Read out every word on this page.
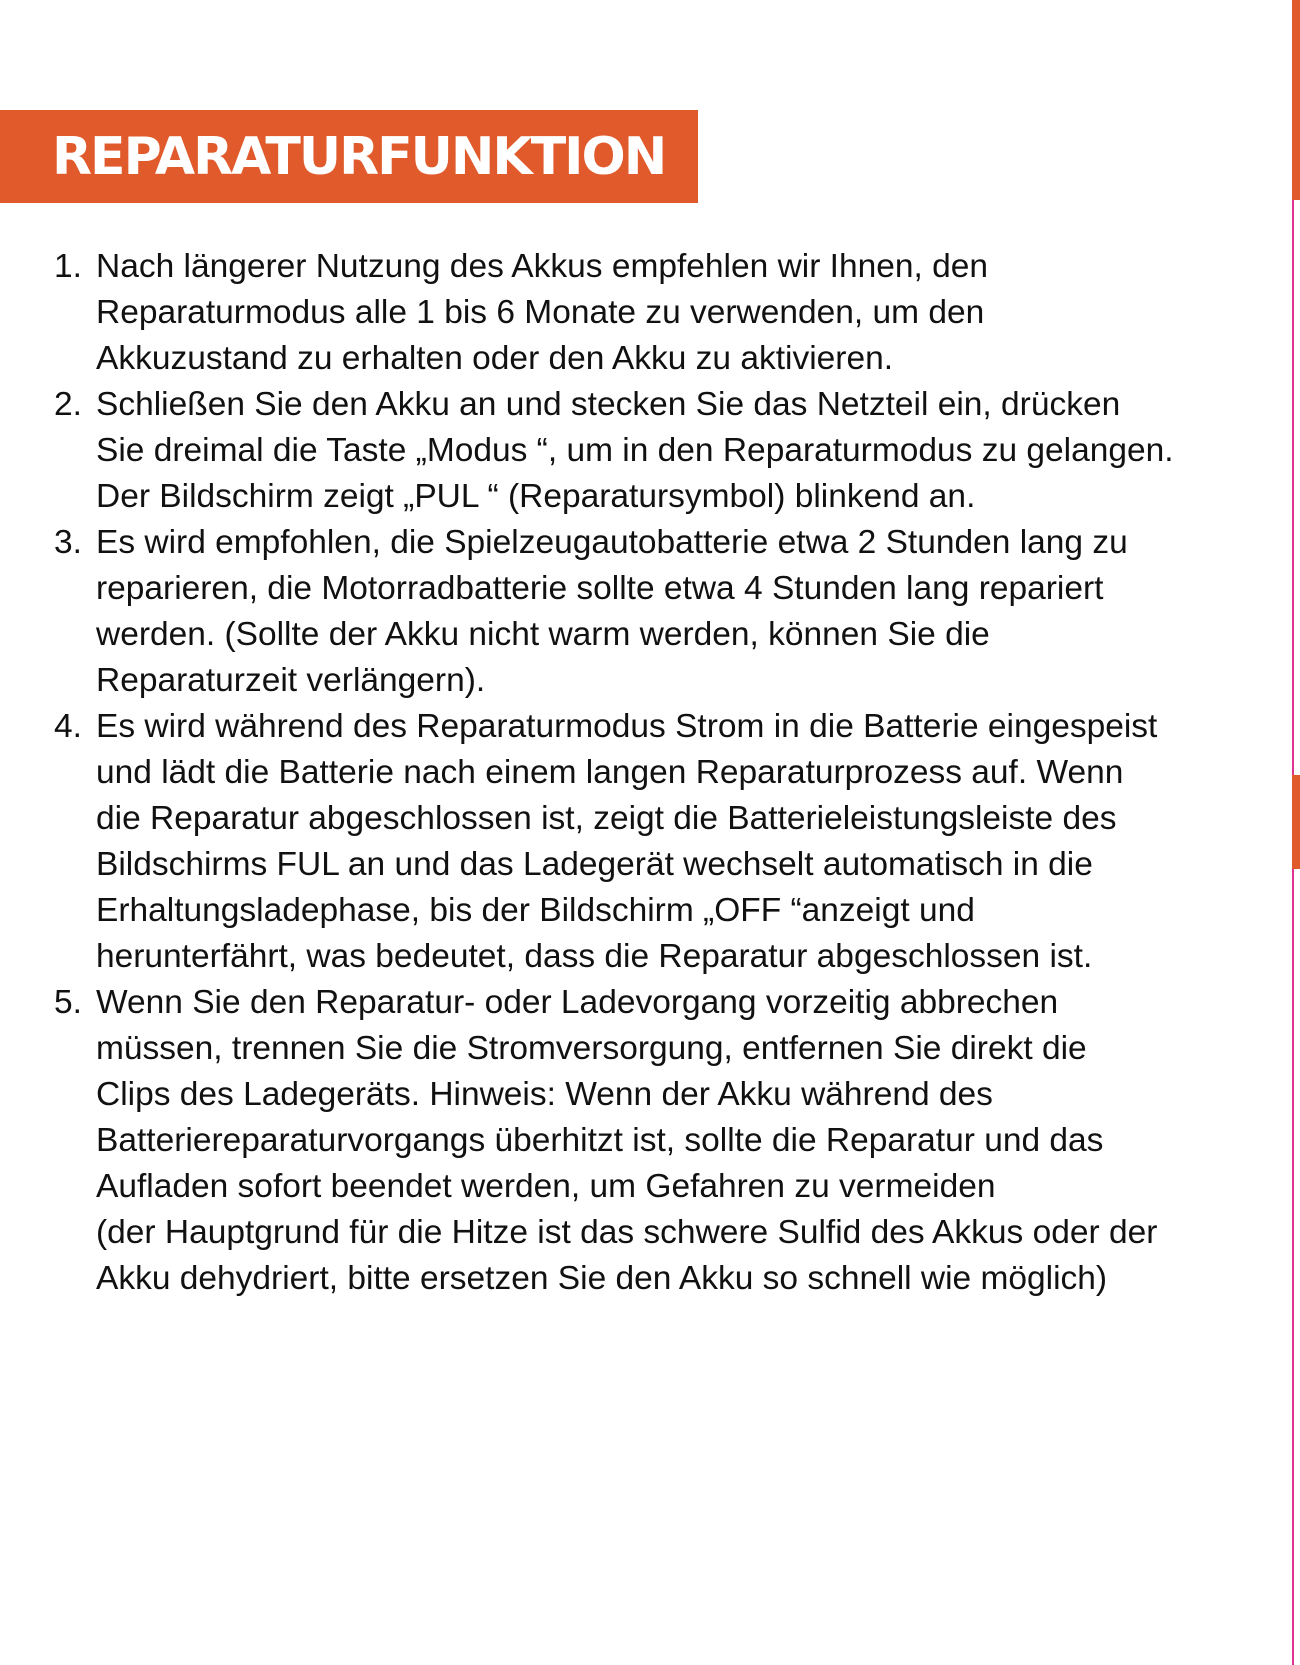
REPARATURFUNKTION
1. Nach längerer Nutzung des Akkus empfehlen wir Ihnen, den
Reparaturmodus alle 1 bis 6 Monate zu verwenden, um den
Akkuzustand zu erhalten oder den Akku zu aktivieren.
2. Schließen Sie den Akku an und stecken Sie das Netzteil ein, drücken
Sie dreimal die Taste „Modus “, um in den Reparaturmodus zu gelangen.
Der Bildschirm zeigt „PUL “ (Reparatursymbol) blinkend an.
3. Es wird empfohlen, die Spielzeugautobatterie etwa 2 Stunden lang zu
reparieren, die Motorradbatterie sollte etwa 4 Stunden lang repariert
werden. (Sollte der Akku nicht warm werden, können Sie die
Reparaturzeit verlängern).
4. Es wird während des Reparaturmodus Strom in die Batterie eingespeist
und lädt die Batterie nach einem langen Reparaturprozess auf. Wenn
die Reparatur abgeschlossen ist, zeigt die Batterieleistungsleiste des
Bildschirms FUL an und das Ladegerät wechselt automatisch in die
Erhaltungsladephase, bis der Bildschirm „OFF “anzeigt und
herunterfährt, was bedeutet, dass die Reparatur abgeschlossen ist.
5. Wenn Sie den Reparatur- oder Ladevorgang vorzeitig abbrechen
müssen, trennen Sie die Stromversorgung, entfernen Sie direkt die
Clips des Ladegeräts. Hinweis: Wenn der Akku während des
Batteriereparaturvorgangs überhitzt ist, sollte die Reparatur und das
Aufladen sofort beendet werden, um Gefahren zu vermeiden
(der Hauptgrund für die Hitze ist das schwere Sulfid des Akkus oder der
Akku dehydriert, bitte ersetzen Sie den Akku so schnell wie möglich)
